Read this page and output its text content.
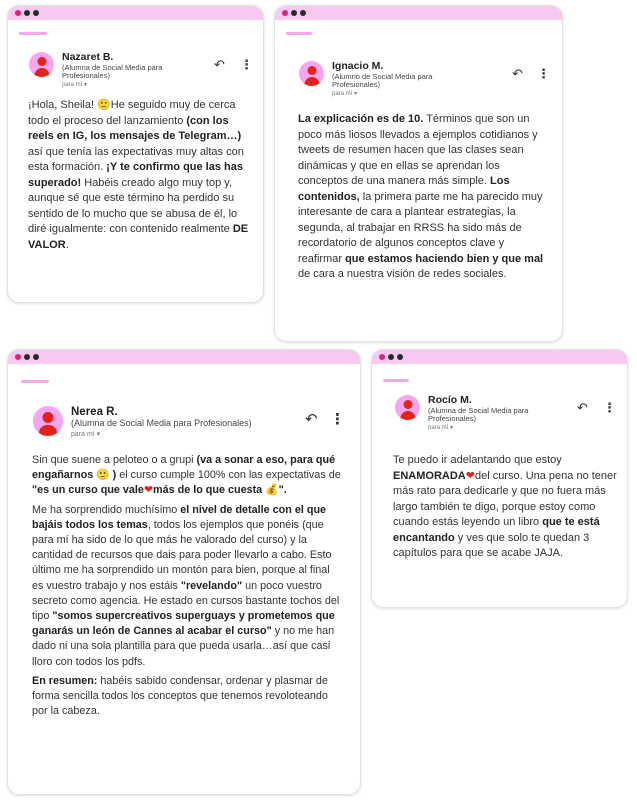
Nazaret B.
(Alumna de Social Media para Profesionales)
para mí ▾
↶ ⋮

¡Hola, Sheila! 🙂He seguido muy de cerca todo el proceso del lanzamiento (con los reels en IG, los mensajes de Telegram…) así que tenía las expectativas muy altas con esta formación. ¡Y te confirmo que las has superado! Habéis creado algo muy top y, aunque sé que este término ha perdido su sentido de lo mucho que se abusa de él, lo diré igualmente: con contenido realmente DE VALOR.

Ignacio M.
(Alumno de Social Media para Profesionales)
para mí ▾
↶ ⋮

La explicación es de 10. Términos que son un poco más liosos llevados a ejemplos cotidianos y tweets de resumen hacen que las clases sean dinámicas y que en ellas se aprendan los conceptos de una manera más simple. Los contenidos, la primera parte me ha parecido muy interesante de cara a plantear estrategias, la segunda, al trabajar en RRSS ha sido más de recordatorio de algunos conceptos clave y reafirmar que estamos haciendo bien y que mal de cara a nuestra visión de redes sociales.

Nerea R.
(Alumna de Social Media para Profesionales)
para mí ▾
↶ ⋮

Sin que suene a peloteo o a grupi (va a sonar a eso, para qué engañarnos 🙂 ) el curso cumple 100% con las expectativas de "es un curso que vale❤más de lo que cuesta 💰".

Me ha sorprendido muchísimo el nivel de detalle con el que bajáis todos los temas, todos los ejemplos que ponéis (que para mí ha sido de lo que más he valorado del curso) y la cantidad de recursos que dais para poder llevarlo a cabo. Esto último me ha sorprendido un montón para bien, porque al final es vuestro trabajo y nos estáis "revelando" un poco vuestro secreto como agencia. He estado en cursos bastante tochos del tipo "somos supercreativos superguays y prometemos que ganarás un león de Cannes al acabar el curso" y no me han dado ni una sola plantilla para que pueda usarla…así que casi lloro con todos los pdfs.

En resumen: habéis sabido condensar, ordenar y plasmar de forma sencilla todos los conceptos que tenemos revoloteando por la cabeza.

Rocío M.
(Alumna de Social Media para Profesionales)
para mí ▾
↶ ⋮

Te puedo ir adelantando que estoy ENAMORADA❤del curso. Una pena no tener más rato para dedicarle y que no fuera más largo también te digo, porque estoy como cuando estás leyendo un libro que te está encantando y ves que solo te quedan 3 capítulos para que se acabe JAJA.
